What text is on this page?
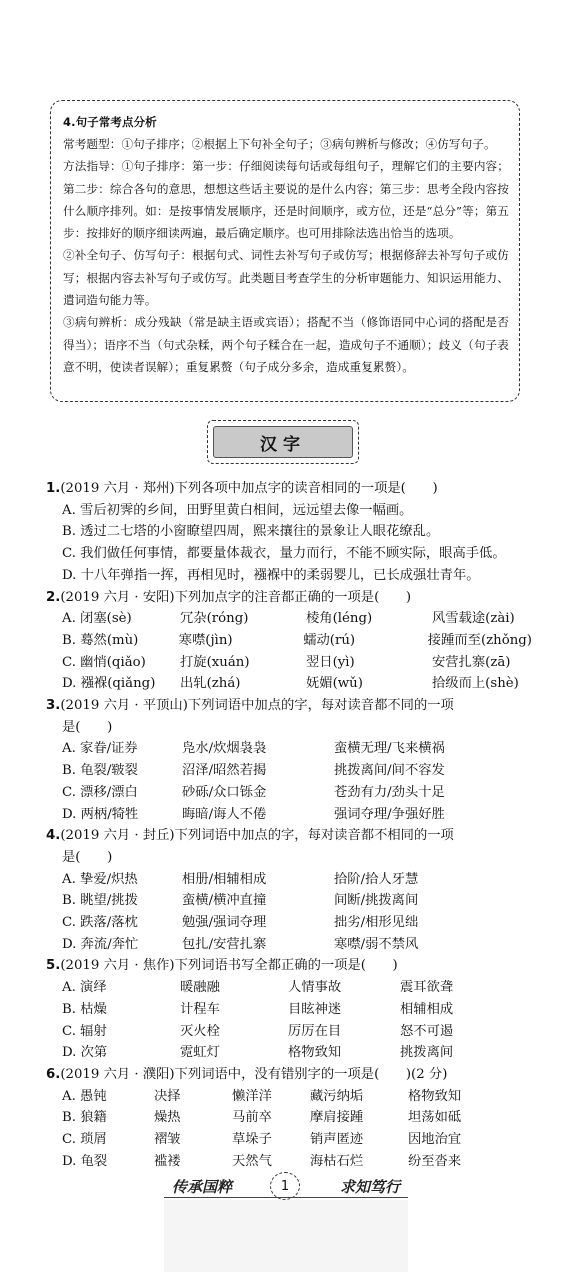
4.句子常考点分析

常考题型：①句子排序；②根据上下句补全句子；③病句辨析与修改；④仿写句子。

方法指导：①句子排序：第一步：仔细阅读每句话或每组句子，理解它们的主要内容；第二步：综合各句的意思，想想这些话主要说的是什么内容；第三步：思考全段内容按什么顺序排列。如：是按事情发展顺序，还是时间顺序，或方位，还是“总分”等；第五步：按排好的顺序细读两遍，最后确定顺序。也可用排除法选出恰当的选项。

②补全句子、仿写句子：根据句式、词性去补写句子或仿写；根据修辞去补写句子或仿写；根据内容去补写句子或仿写。此类题目考查学生的分析审题能力、知识运用能力、遣词造句能力等。

③病句辨析：成分残缺（常是缺主语或宾语）；搭配不当（修饰语同中心词的搭配是否得当）；语序不当（句式杂糅，两个句子糅合在一起，造成句子不通顺）；歧义（句子表意不明，使读者误解）；重复累赘（句子成分多余，造成重复累赘）。

汉字

1.(2019 六月 · 郑州)下列各项中加点字的读音相同的一项是(　　)

A. 雪后初霁的乡间，田野里黄白相间，远远望去像一幅画。

B. 透过二七塔的小窗瞭望四周，熙来攘往的景象让人眼花缭乱。

C. 我们做任何事情，都要量体裁衣，量力而行，不能不顾实际，眼高手低。

D. 十八年弹指一挥，再相见时，襁褓中的柔弱婴儿，已长成强壮青年。

2.(2019 六月 · 安阳)下列加点字的注音都正确的一项是(　　)

A. 闭塞(sè)	冗杂(róng)	棱角(léng)	风雪载途(zài)
B. 蓦然(mù)	寒噤(jìn)	蠕动(rú)	接踵而至(zhǒng)
C. 幽悄(qiǎo)	打旋(xuán)	翌日(yì)	安营扎寨(zā)
D. 襁褓(qiǎng)	出轧(zhá)	妩媚(wǔ)	拾级而上(shè)

3.(2019 六月 · 平顶山)下列词语中加点的字，每对读音都不同的一项

是(　　)

A. 家眷/证券	凫水/炊烟袅袅	蛮横无理/飞来横祸
B. 龟裂/皲裂	沼泽/昭然若揭	挑拨离间/间不容发
C. 漂移/漂白	砂砾/众口铄金	苍劲有力/劲头十足
D. 两柄/犄牲	晦暗/诲人不倦	强词夺理/争强好胜

4.(2019 六月 · 封丘)下列词语中加点的字，每对读音都不相同的一项

是(　　)

A. 挚爱/炽热	相册/相辅相成	拾阶/拾人牙慧
B. 眺望/挑拨	蛮横/横冲直撞	间断/挑拨离间
C. 跌落/落枕	勉强/强词夺理	拙劣/相形见绌
D. 奔流/奔忙	包扎/安营扎寨	寒噤/弱不禁风

5.(2019 六月 · 焦作)下列词语书写全都正确的一项是(　　)

A. 演绎	暖融融	人情事故	震耳欲聋
B. 枯燥	计程车	目眩神迷	相辅相成
C. 辐射	灭火栓	厉厉在目	怒不可遏
D. 次第	霓虹灯	格物致知	挑拨离间

6.(2019 六月 · 濮阳)下列词语中，没有错别字的一项是(　　)(2 分)

A. 愚钝	决择	懒洋洋	藏污纳垢	格物致知
B. 狼籍	燥热	马前卒	摩肩接踵	坦荡如砥
C. 琐屑	褶皱	草垛子	销声匿迹	因地治宜
D. 龟裂	褴褛	天然气	海枯石烂	纷至沓来
传承国粹	1	求知笃行
